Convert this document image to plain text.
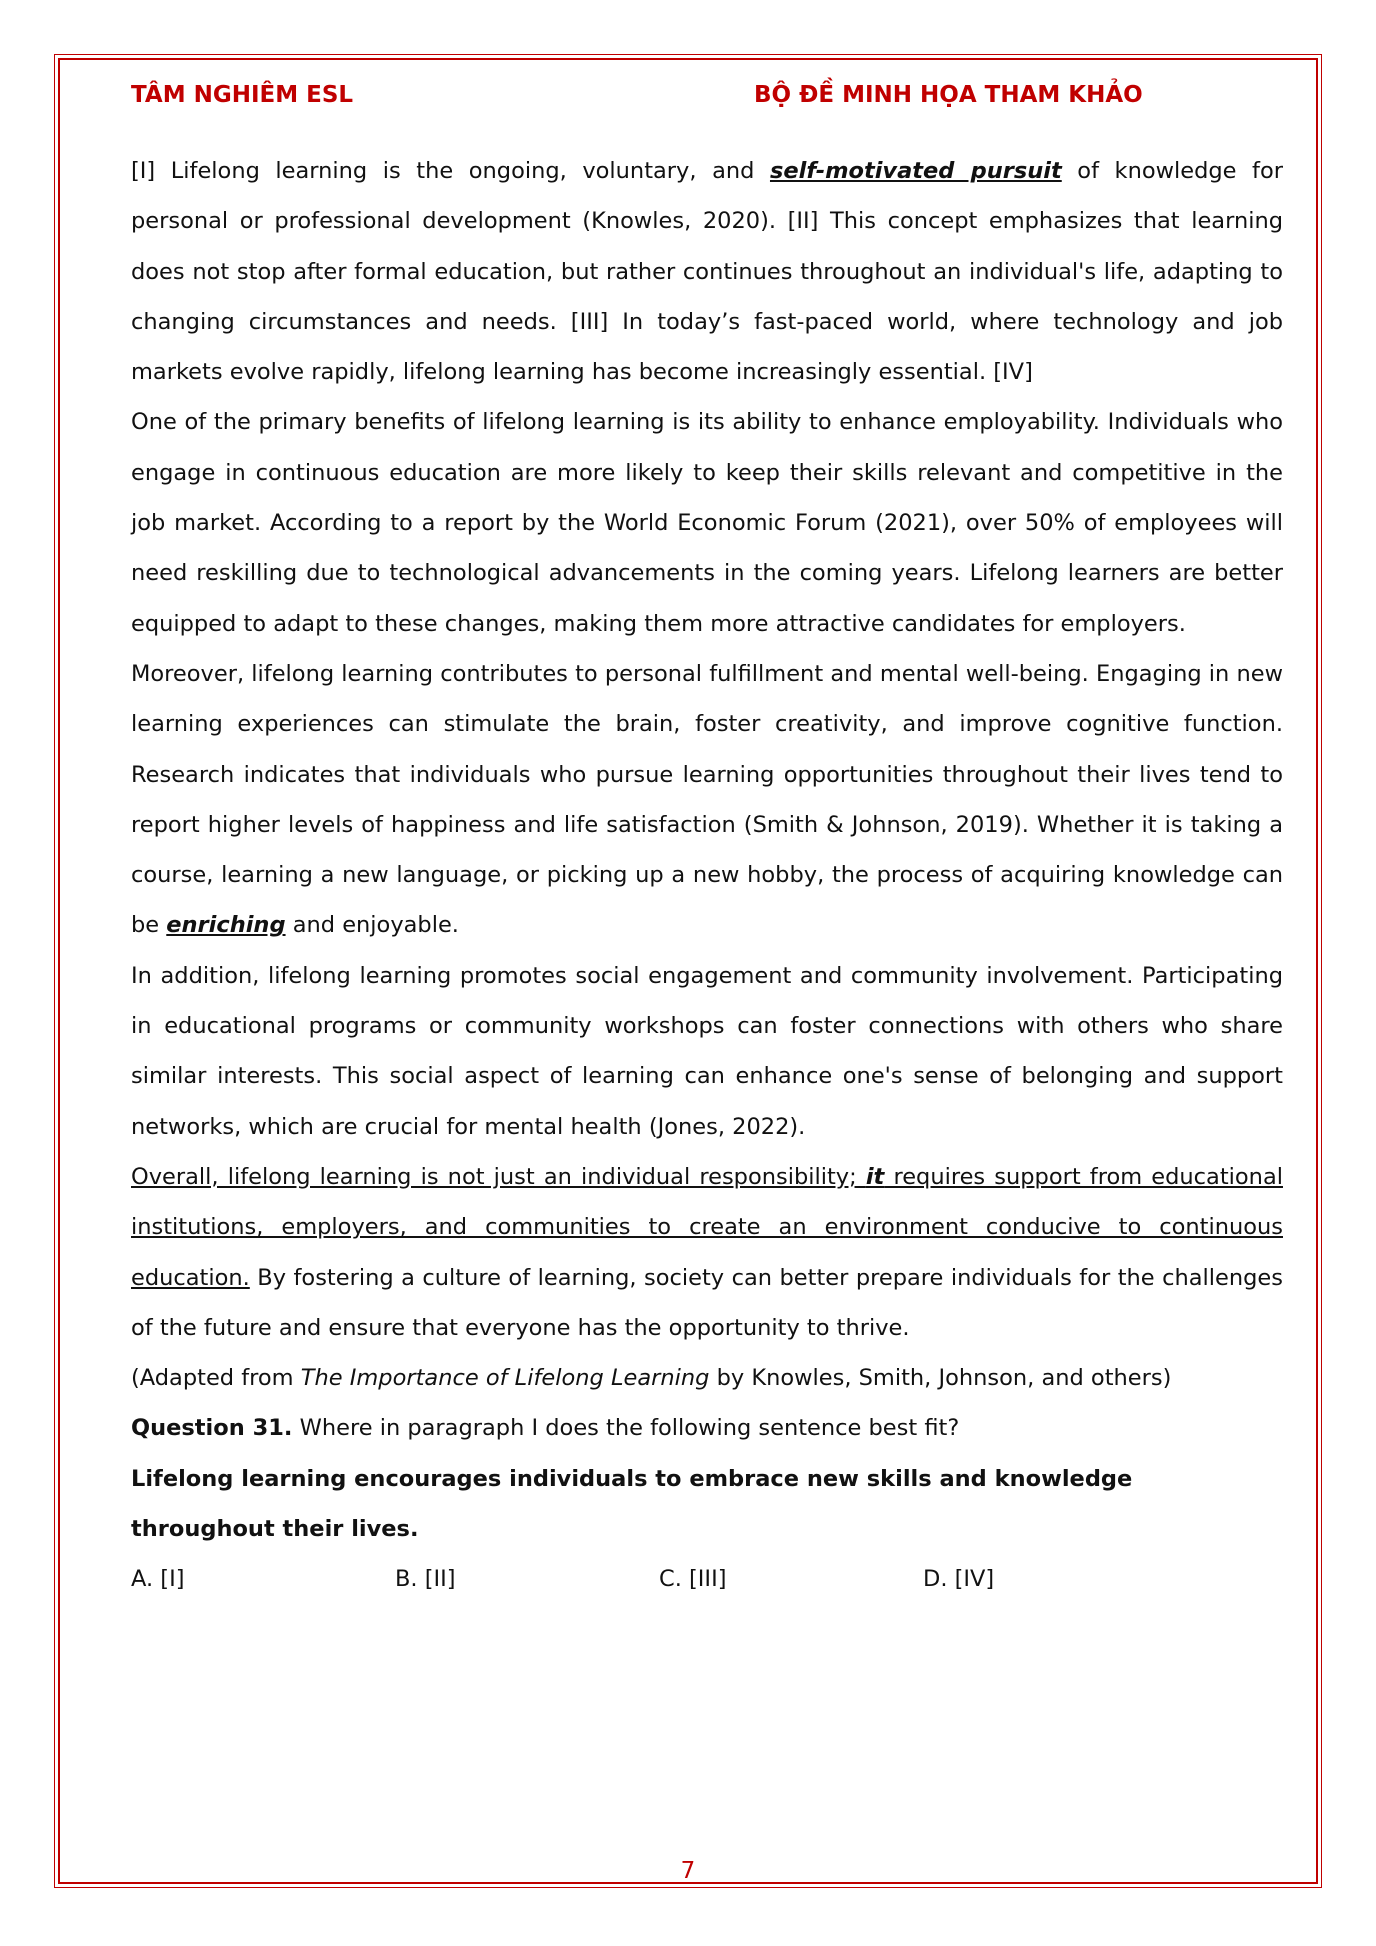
TÂM NGHIÊM ESL	BỘ ĐỀ MINH HỌA THAM KHẢO

[I] Lifelong learning is the ongoing, voluntary, and self-motivated pursuit of knowledge for personal or professional development (Knowles, 2020). [II] This concept emphasizes that learning does not stop after formal education, but rather continues throughout an individual's life, adapting to changing circumstances and needs. [III] In today’s fast-paced world, where technology and job markets evolve rapidly, lifelong learning has become increasingly essential. [IV]

One of the primary benefits of lifelong learning is its ability to enhance employability. Individuals who engage in continuous education are more likely to keep their skills relevant and competitive in the job market. According to a report by the World Economic Forum (2021), over 50% of employees will need reskilling due to technological advancements in the coming years. Lifelong learners are better equipped to adapt to these changes, making them more attractive candidates for employers.

Moreover, lifelong learning contributes to personal fulfillment and mental well-being. Engaging in new learning experiences can stimulate the brain, foster creativity, and improve cognitive function. Research indicates that individuals who pursue learning opportunities throughout their lives tend to report higher levels of happiness and life satisfaction (Smith & Johnson, 2019). Whether it is taking a course, learning a new language, or picking up a new hobby, the process of acquiring knowledge can be enriching and enjoyable.

In addition, lifelong learning promotes social engagement and community involvement. Participating in educational programs or community workshops can foster connections with others who share similar interests. This social aspect of learning can enhance one's sense of belonging and support networks, which are crucial for mental health (Jones, 2022).

Overall, lifelong learning is not just an individual responsibility; it requires support from educational institutions, employers, and communities to create an environment conducive to continuous education. By fostering a culture of learning, society can better prepare individuals for the challenges of the future and ensure that everyone has the opportunity to thrive.

(Adapted from The Importance of Lifelong Learning by Knowles, Smith, Johnson, and others)

Question 31. Where in paragraph I does the following sentence best fit?

Lifelong learning encourages individuals to embrace new skills and knowledge throughout their lives.

A. [I]	B. [II]	C. [III]	D. [IV]
7
